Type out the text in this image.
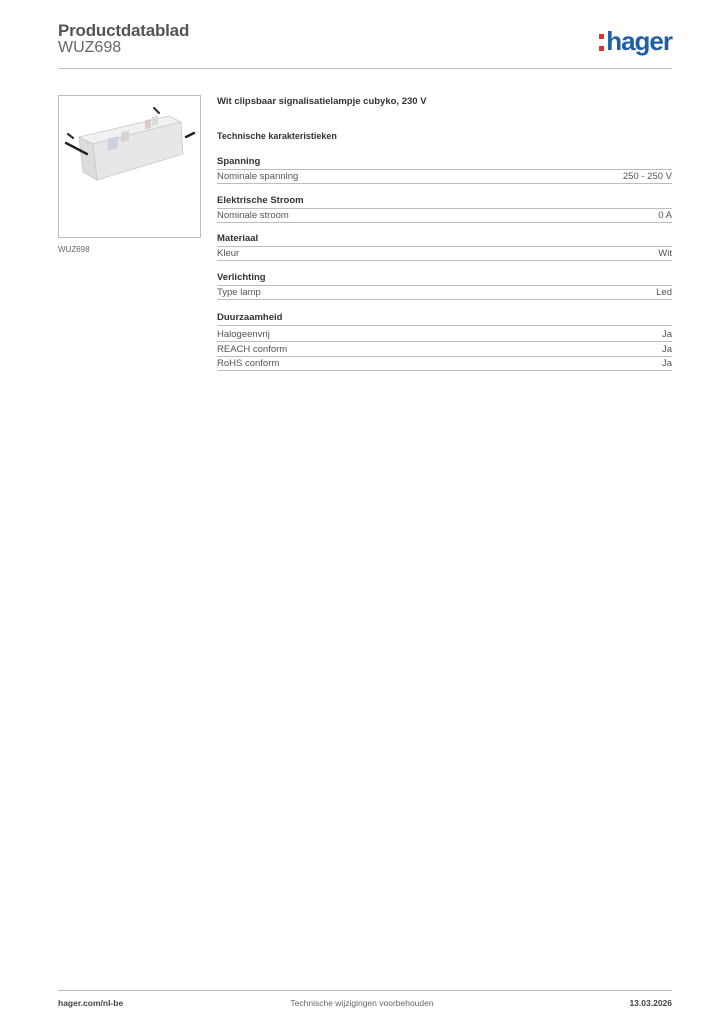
Productdatablad
WUZ698	hager
WUZ698
Wit clipsbaar signalisatielampje cubyko, 230 V
Technische karakteristieken
Spanning
Nominale spanning	250 - 250 V
Elektrische Stroom
Nominale stroom	0 A
Materiaal
Kleur	Wit
Verlichting
Type lamp	Led
Duurzaamheid
Halogeenvrij	Ja
REACH conform	Ja
RoHS conform	Ja
hager.com/nl-be	Technische wijzigingen voorbehouden	13.03.2026
